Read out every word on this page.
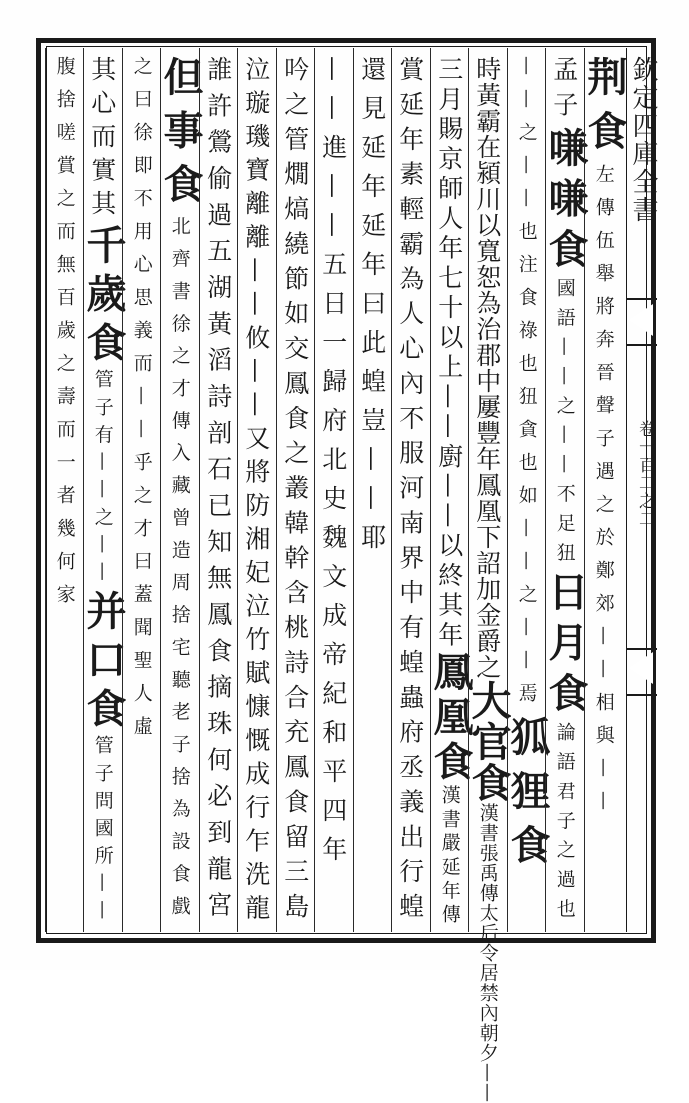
欽定四庫全書
卷一百二之二
荆食
左傳伍舉將奔晉聲子遇之於鄭郊——相與——
孟子
嗛嗛食
國語——之——不足狃
日月食
論語君子之過也
——之——也注食祿也狃貪也
如——之——焉
狐狸食
時黃霸在潁川以寬恕為治郡中屢豐年鳳凰下詔加金爵之
大官食
漢書張禹傳太后令居禁內朝夕——
三月賜京師人年七十以上——廚——以終其年
鳳凰食
漢書嚴延年傳
賞延年素輕霸為人心內不服河南界中有蝗蟲府丞義出行蝗
還見延年延年曰此蝗豈——耶
——進——五日一歸府北史魏文成帝紀和平四年
吟之管燗熇繞節如交鳳食之叢韓幹含桃詩合充鳳食留三島
泣璇璣寶離離——攸——又將防湘妃泣竹賦慷慨成行乍洗龍
誰許鶯偷過五湖黃滔詩剖石已知無鳳食摘珠何必到龍宮
但事食
北齊書徐之才傳入藏曾造周捨宅聽老子捨為設食戲
之曰徐即不用心思義而——乎之才曰蓋聞聖人虛
其心而實其
千歲食
管子有——之——
并口食
管子問國所——
腹捨嗟賞之
而無百歲之壽
而一者幾何家
